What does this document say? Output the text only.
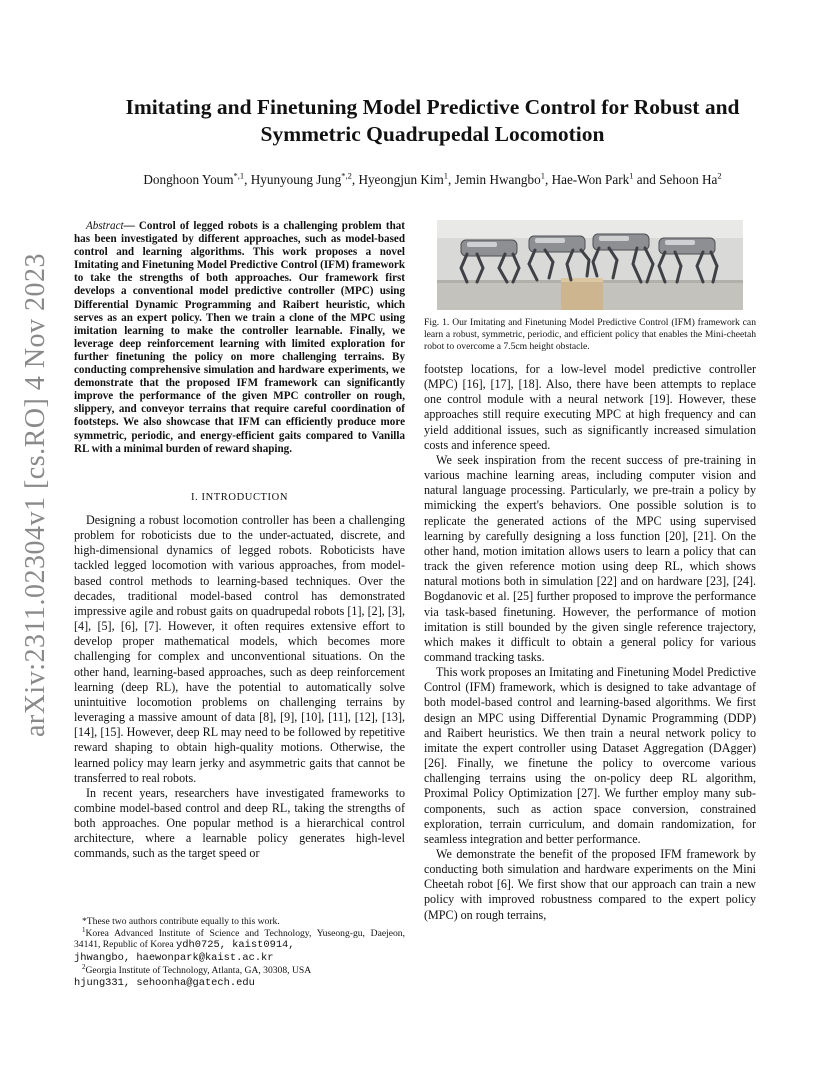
arXiv:2311.02304v1 [cs.RO] 4 Nov 2023
Imitating and Finetuning Model Predictive Control for Robust and
Symmetric Quadrupedal Locomotion
Donghoon Youm$^{*,1}$, Hyunyoung Jung$^{*,2}$, Hyeongjun Kim$^1$, Jemin Hwangbo$^1$, Hae-Won Park$^1$ and Sehoon Ha$^2$
Abstract— Control of legged robots is a challenging problem that has been investigated by different approaches, such as model-based control and learning algorithms. This work proposes a novel Imitating and Finetuning Model Predictive Control (IFM) framework to take the strengths of both approaches. Our framework first develops a conventional model predictive controller (MPC) using Differential Dynamic Programming and Raibert heuristic, which serves as an expert policy. Then we train a clone of the MPC using imitation learning to make the controller learnable. Finally, we leverage deep reinforcement learning with limited exploration for further finetuning the policy on more challenging terrains. By conducting comprehensive simulation and hardware experiments, we demonstrate that the proposed IFM framework can significantly improve the performance of the given MPC controller on rough, slippery, and conveyor terrains that require careful coordination of footsteps. We also showcase that IFM can efficiently produce more symmetric, periodic, and energy-efficient gaits compared to Vanilla RL with a minimal burden of reward shaping.
I. INTRODUCTION

Designing a robust locomotion controller has been a challenging problem for roboticists due to the under-actuated, discrete, and high-dimensional dynamics of legged robots. Roboticists have tackled legged locomotion with various approaches, from model-based control methods to learning-based techniques. Over the decades, traditional model-based control has demonstrated impressive agile and robust gaits on quadrupedal robots [1], [2], [3], [4], [5], [6], [7]. However, it often requires extensive effort to develop proper mathematical models, which becomes more challenging for complex and unconventional situations. On the other hand, learning-based approaches, such as deep reinforcement learning (deep RL), have the potential to automatically solve unintuitive locomotion problems on challenging terrains by leveraging a massive amount of data [8], [9], [10], [11], [12], [13], [14], [15]. However, deep RL may need to be followed by repetitive reward shaping to obtain high-quality motions. Otherwise, the learned policy may learn jerky and asymmetric gaits that cannot be transferred to real robots.

In recent years, researchers have investigated frameworks to combine model-based control and deep RL, taking the strengths of both approaches. One popular method is a hierarchical control architecture, where a learnable policy generates high-level commands, such as the target speed or

*These two authors contribute equally to this work.

$^1$Korea Advanced Institute of Science and Technology, Yuseong-gu, Daejeon, 34141, Republic of Korea ydh0725, kaist0914,
jhwangbo, haewonpark@kaist.ac.kr

$^2$Georgia Institute of Technology, Atlanta, GA, 30308, USA
hjung331, sehoonha@gatech.edu

Fig. 1. Our Imitating and Finetuning Model Predictive Control (IFM) framework can learn a robust, symmetric, periodic, and efficient policy that enables the Mini-cheetah robot to overcome a 7.5cm height obstacle.

footstep locations, for a low-level model predictive controller (MPC) [16], [17], [18]. Also, there have been attempts to replace one control module with a neural network [19]. However, these approaches still require executing MPC at high frequency and can yield additional issues, such as significantly increased simulation costs and inference speed.

We seek inspiration from the recent success of pre-training in various machine learning areas, including computer vision and natural language processing. Particularly, we pre-train a policy by mimicking the expert's behaviors. One possible solution is to replicate the generated actions of the MPC using supervised learning by carefully designing a loss function [20], [21]. On the other hand, motion imitation allows users to learn a policy that can track the given reference motion using deep RL, which shows natural motions both in simulation [22] and on hardware [23], [24]. Bogdanovic et al. [25] further proposed to improve the performance via task-based finetuning. However, the performance of motion imitation is still bounded by the given single reference trajectory, which makes it difficult to obtain a general policy for various command tracking tasks.

This work proposes an Imitating and Finetuning Model Predictive Control (IFM) framework, which is designed to take advantage of both model-based control and learning-based algorithms. We first design an MPC using Differential Dynamic Programming (DDP) and Raibert heuristics. We then train a neural network policy to imitate the expert controller using Dataset Aggregation (DAgger) [26]. Finally, we finetune the policy to overcome various challenging terrains using the on-policy deep RL algorithm, Proximal Policy Optimization [27]. We further employ many sub-components, such as action space conversion, constrained exploration, terrain curriculum, and domain randomization, for seamless integration and better performance.

We demonstrate the benefit of the proposed IFM framework by conducting both simulation and hardware experiments on the Mini Cheetah robot [6]. We first show that our approach can train a new policy with improved robustness compared to the expert policy (MPC) on rough terrains,
